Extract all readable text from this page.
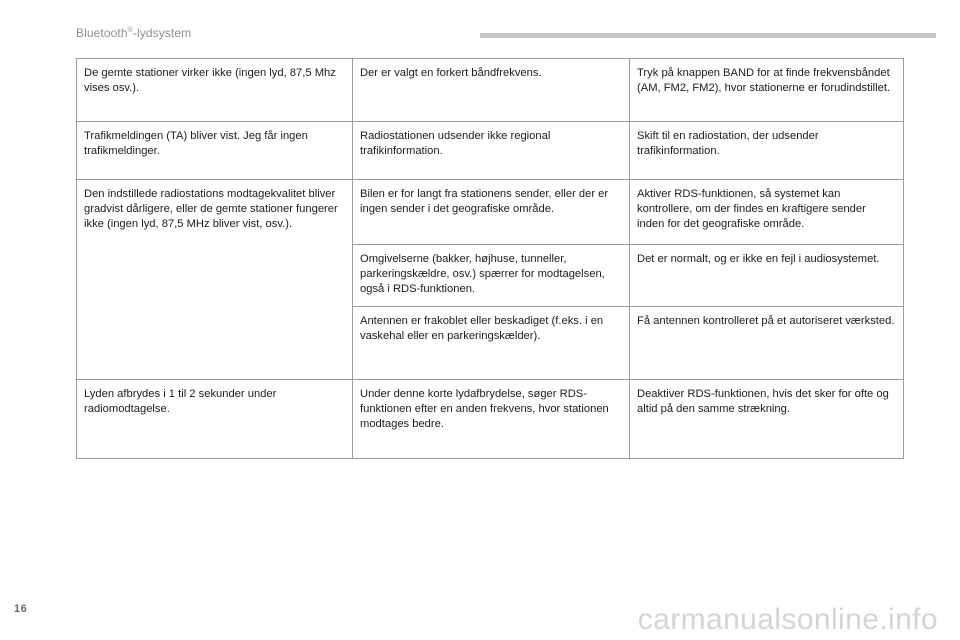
Bluetooth®-lydsystem
De gemte stationer virker ikke (ingen lyd, 87,5 Mhz vises osv.).	Der er valgt en forkert båndfrekvens.	Tryk på knappen BAND for at finde frekvensbåndet (AM, FM2, FM2), hvor stationerne er forudindstillet.
Trafikmeldingen (TA) bliver vist. Jeg får ingen trafikmeldinger.	Radiostationen udsender ikke regional trafikinformation.	Skift til en radiostation, der udsender trafikinformation.
Den indstillede radiostations modtagekvalitet bliver gradvist dårligere, eller de gemte stationer fungerer ikke (ingen lyd, 87,5 MHz bliver vist, osv.).	Bilen er for langt fra stationens sender, eller der er ingen sender i det geografiske område.	Aktiver RDS-funktionen, så systemet kan kontrollere, om der findes en kraftigere sender inden for det geografiske område.
	Omgivelserne (bakker, højhuse, tunneller, parkeringskældre, osv.) spærrer for modtagelsen, også i RDS-funktionen.	Det er normalt, og er ikke en fejl i audiosystemet.
	Antennen er frakoblet eller beskadiget (f.eks. i en vaskehal eller en parkeringskælder).	Få antennen kontrolleret på et autoriseret værksted.
Lyden afbrydes i 1 til 2 sekunder under radiomodtagelse.	Under denne korte lydafbrydelse, søger RDS-funktionen efter en anden frekvens, hvor stationen modtages bedre.	Deaktiver RDS-funktionen, hvis det sker for ofte og altid på den samme strækning.
16	carmanualsonline.info
